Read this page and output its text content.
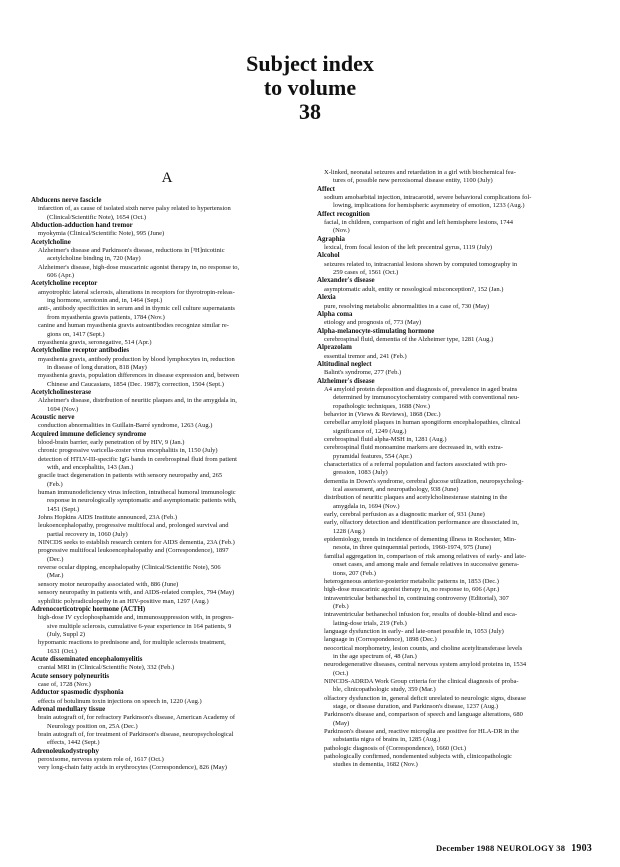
Subject index
to volume
38
A
Abducens nerve fascicle
infarction of, as cause of isolated sixth nerve palsy related to hypertension
(Clinical/Scientific Note), 1654 (Oct.)
Abduction-adduction hand tremor
myokymia (Clinical/Scientific Note), 995 (June)
Acetylcholine
Alzheimer's disease and Parkinson's disease, reductions in [³H]nicotinic
acetylcholine binding in, 720 (May)
Alzheimer's disease, high-dose muscarinic agonist therapy in, no response to,
606 (Apr.)
Acetylcholine receptor
amyotrophic lateral sclerosis, alterations in receptors for thyrotropin-releas-
ing hormone, serotonin and, in, 1464 (Sept.)
anti-, antibody specificities in serum and in thymic cell culture supernatants
from myasthenia gravis patients, 1784 (Nov.)
canine and human myasthenia gravis autoantibodies recognize similar re-
gions on, 1417 (Sept.)
myasthenia gravis, seronegative, 514 (Apr.)
Acetylcholine receptor antibodies
myasthenia gravis, antibody production by blood lymphocytes in, reduction
in disease of long duration, 818 (May)
myasthenia gravis, population differences in disease expression and, between
Chinese and Caucasians, 1854 (Dec. 1987); correction, 1504 (Sept.)
Acetylcholinesterase
Alzheimer's disease, distribution of neuritic plaques and, in the amygdala in,
1694 (Nov.)
Acoustic nerve
conduction abnormalities in Guillain-Barré syndrome, 1263 (Aug.)
Acquired immune deficiency syndrome
blood-brain barrier, early penetration of by HIV, 9 (Jan.)
chronic progressive varicella-zoster virus encephalitis in, 1150 (July)
detection of HTLV-III-specific IgG bands in cerebrospinal fluid from patient
with, and encephalitis, 143 (Jan.)
gracile tract degeneration in patients with sensory neuropathy and, 265
(Feb.)
human immunodeficiency virus infection, intrathecal humoral immunologic
response in neurologically symptomatic and asymptomatic patients with,
1451 (Sept.)
Johns Hopkins AIDS Institute announced, 23A (Feb.)
leukoencephalopathy, progressive multifocal and, prolonged survival and
partial recovery in, 1060 (July)
NINCDS seeks to establish research centers for AIDS dementia, 23A (Feb.)
progressive multifocal leukoencephalopathy and (Correspondence), 1897
(Dec.)
reverse ocular dipping, encephalopathy (Clinical/Scientific Note), 506
(Mar.)
sensory motor neuropathy associated with, 886 (June)
sensory neuropathy in patients with, and AIDS-related complex, 794 (May)
syphilitic polyradiculopathy in an HIV-positive man, 1297 (Aug.)
Adrenocorticotropic hormone (ACTH)
high-dose IV cyclophosphamide and, immunosuppression with, in progres-
sive multiple sclerosis, cumulative 6-year experience in 164 patients, 9
(July, Suppl 2)
hypomanic reactions to prednisone and, for multiple sclerosis treatment,
1631 (Oct.)
Acute disseminated encephalomyelitis
cranial MRI in (Clinical/Scientific Note), 332 (Feb.)
Acute sensory polyneuritis
case of, 1728 (Nov.)
Adductor spasmodic dysphonia
effects of botulinum toxin injections on speech in, 1220 (Aug.)
Adrenal medullary tissue
brain autograft of, for refractory Parkinson's disease, American Academy of
Neurology position on, 25A (Dec.)
brain autograft of, for treatment of Parkinson's disease, neuropsychological
effects, 1442 (Sept.)
Adrenoleukodystrophy
peroxisome, nervous system role of, 1617 (Oct.)
very long-chain fatty acids in erythrocytes (Correspondence), 826 (May)
X-linked, neonatal seizures and retardation in a girl with biochemical fea-
tures of, possible new peroxisomal disease entity, 1100 (July)
Affect
sodium amobarbital injection, intracarotid, severe behavioral complications fol-
lowing, implications for hemispheric asymmetry of emotion, 1233 (Aug.)
Affect recognition
facial, in children, comparison of right and left hemisphere lesions, 1744
(Nov.)
Agraphia
lexical, from focal lesion of the left precentral gyrus, 1119 (July)
Alcohol
seizures related to, intracranial lesions shown by computed tomography in
259 cases of, 1561 (Oct.)
Alexander's disease
asymptomatic adult, entity or nosological misconception?, 152 (Jan.)
Alexia
pure, resolving metabolic abnormalities in a case of, 730 (May)
Alpha coma
etiology and prognosis of, 773 (May)
Alpha-melanocyte-stimulating hormone
cerebrospinal fluid, dementia of the Alzheimer type, 1281 (Aug.)
Alprazolam
essential tremor and, 241 (Feb.)
Altitudinal neglect
Balint's syndrome, 277 (Feb.)
Alzheimer's disease
A4 amyloid protein deposition and diagnosis of, prevalence in aged brains
determined by immunocytochemistry compared with conventional neu-
ropathologic techniques, 1688 (Nov.)
behavior in (Views & Reviews), 1868 (Dec.)
cerebellar amyloid plaques in human spongiform encephalopathies, clinical
significance of, 1249 (Aug.)
cerebrospinal fluid alpha-MSH in, 1281 (Aug.)
cerebrospinal fluid monoamine markers are decreased in, with extra-
pyramidal features, 554 (Apr.)
characteristics of a referral population and factors associated with pro-
gression, 1083 (July)
dementia in Down's syndrome, cerebral glucose utilization, neuropsycholog-
ical assessment, and neuropathology, 938 (June)
distribution of neuritic plaques and acetylcholinesterase staining in the
amygdala in, 1694 (Nov.)
early, cerebral perfusion as a diagnostic marker of, 931 (June)
early, olfactory detection and identification performance are dissociated in,
1228 (Aug.)
epidemiology, trends in incidence of dementing illness in Rochester, Min-
nesota, in three quinquennial periods, 1960-1974, 975 (June)
familial aggregation in, comparison of risk among relatives of early- and late-
onset cases, and among male and female relatives in successive genera-
tions, 207 (Feb.)
heterogeneous anterior-posterior metabolic patterns in, 1853 (Dec.)
high-dose muscarinic agonist therapy in, no response to, 606 (Apr.)
intraventricular bethanechol in, continuing controversy (Editorial), 307
(Feb.)
intraventricular bethanechol infusion for, results of double-blind and esca-
lating-dose trials, 219 (Feb.)
language dysfunction in early- and late-onset possible in, 1053 (July)
language in (Correspondence), 1898 (Dec.)
neocortical morphometry, lesion counts, and choline acetyltransferase levels
in the age spectrum of, 48 (Jan.)
neurodegenerative diseases, central nervous system amyloid proteins in, 1534
(Oct.)
NINCDS-ADRDA Work Group criteria for the clinical diagnosis of proba-
ble, clinicopathologic study, 359 (Mar.)
olfactory dysfunction in, general deficit unrelated to neurologic signs, disease
stage, or disease duration, and Parkinson's disease, 1237 (Aug.)
Parkinson's disease and, comparison of speech and language alterations, 680
(May)
Parkinson's disease and, reactive microglia are positive for HLA-DR in the
substantia nigra of brains in, 1285 (Aug.)
pathologic diagnosis of (Correspondence), 1660 (Oct.)
pathologically confirmed, nondemented subjects with, clinicopathologic
studies in dementia, 1682 (Nov.)
December 1988 NEUROLOGY 38 1903
